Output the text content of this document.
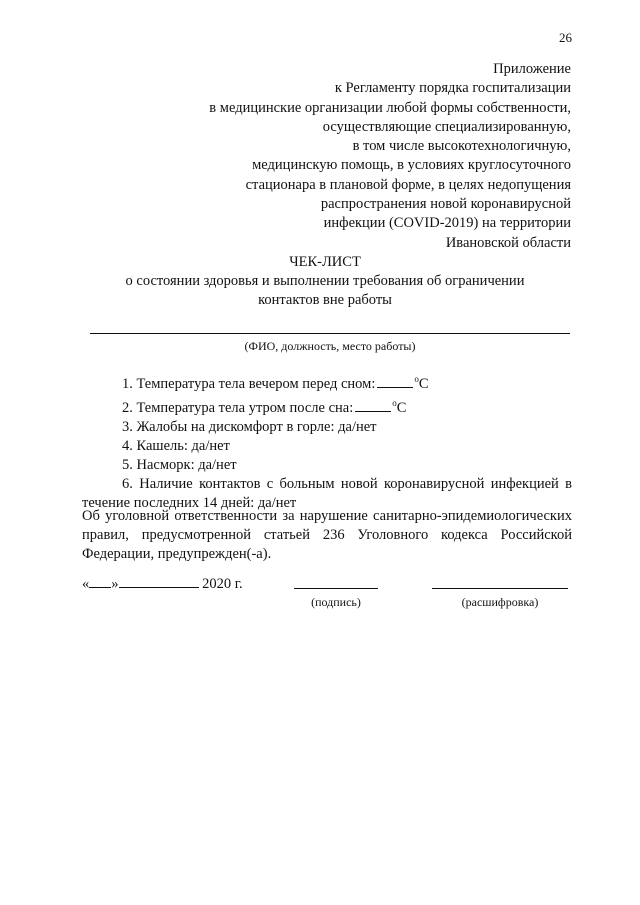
26
Приложение
к Регламенту порядка госпитализации
в медицинские организации любой формы собственности,
осуществляющие специализированную,
в том числе высокотехнологичную,
медицинскую помощь, в условиях круглосуточного
стационара в плановой форме, в целях недопущения
распространения новой коронавирусной
инфекции (COVID-2019) на территории
Ивановской области
ЧЕК-ЛИСТ
о состоянии здоровья и выполнении требования об ограничении
контактов вне работы
(ФИО, должность, место работы)
1. Температура тела вечером перед сном:	$^o$С
2. Температура тела утром после сна:	$^o$С
3. Жалобы на дискомфорт в горле: да/нет
4. Кашель: да/нет
5. Насморк: да/нет
6. Наличие контактов с больным новой коронавирусной инфекцией в течение последних 14 дней: да/нет
Об уголовной ответственности за нарушение санитарно-эпидемиологических правил, предусмотренной статьей 236 Уголовного кодекса Российской Федерации, предупрежден(-а).
« »	2020 г.
(подпись)	(расшифровка)
